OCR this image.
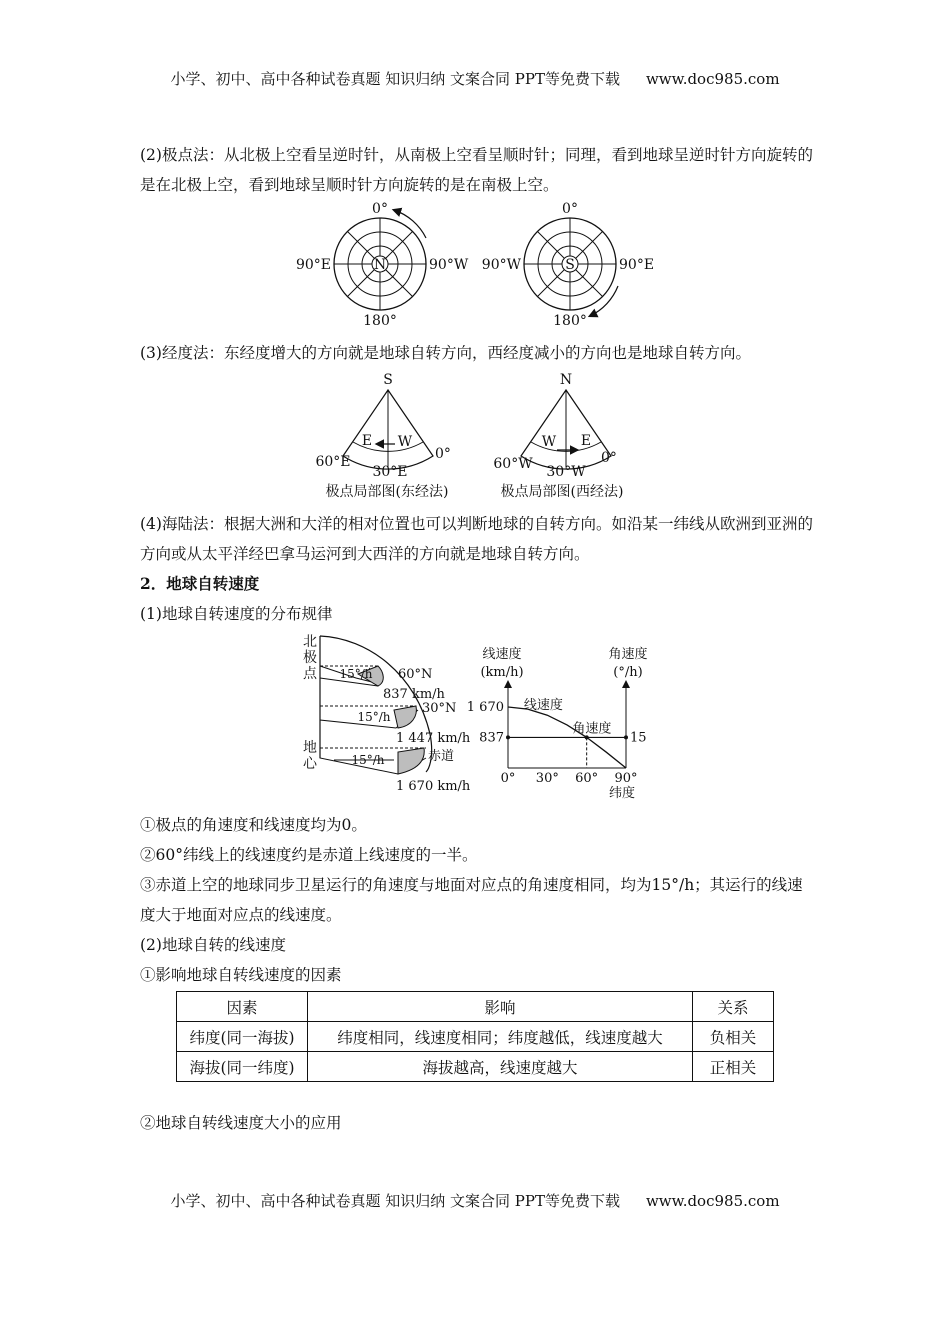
小学、初中、高中各种试卷真题 知识归纳 文案合同 PPT等免费下载 www.doc985.com
(2)极点法：从北极上空看呈逆时针，从南极上空看呈顺时针；同理，看到地球呈逆时针方向旋转的是在北极上空，看到地球呈顺时针方向旋转的是在南极上空。
N
0°
90°E	90°W
180°
S
0°
90°W	90°E
180°
(3)经度法：东经度增大的方向就是地球自转方向，西经度减小的方向也是地球自转方向。
S
E W
60°E
30°E
0°
极点局部图(东经法)
N
W E
60°W 30°W
0°
极点局部图(西经法)
(4)海陆法：根据大洲和大洋的相对位置也可以判断地球的自转方向。如沿某一纬线从欧洲到亚洲的方向或从太平洋经巴拿马运河到大西洋的方向就是地球自转方向。
2．地球自转速度
(1)地球自转速度的分布规律
北
极
点
地
心
15°/h
15°/h
15°/h
60°N
837 km/h
30°N
1 447 km/h
赤道
1 670 km/h
线速度
(km/h)
角速度
(°/h)
1 670
837	15
0° 30° 60° 90°
线速度
角速度
纬度
①极点的角速度和线速度均为0。
②60°纬线上的线速度约是赤道上线速度的一半。
③赤道上空的地球同步卫星运行的角速度与地面对应点的角速度相同，均为15°/h；其运行的线速度大于地面对应点的线速度。
(2)地球自转的线速度
①影响地球自转线速度的因素
因素	影响	关系
纬度(同一海拔)	纬度相同，线速度相同；纬度越低，线速度越大	负相关
海拔(同一纬度)	海拔越高，线速度越大	正相关
②地球自转线速度大小的应用
小学、初中、高中各种试卷真题 知识归纳 文案合同 PPT等免费下载 www.doc985.com
